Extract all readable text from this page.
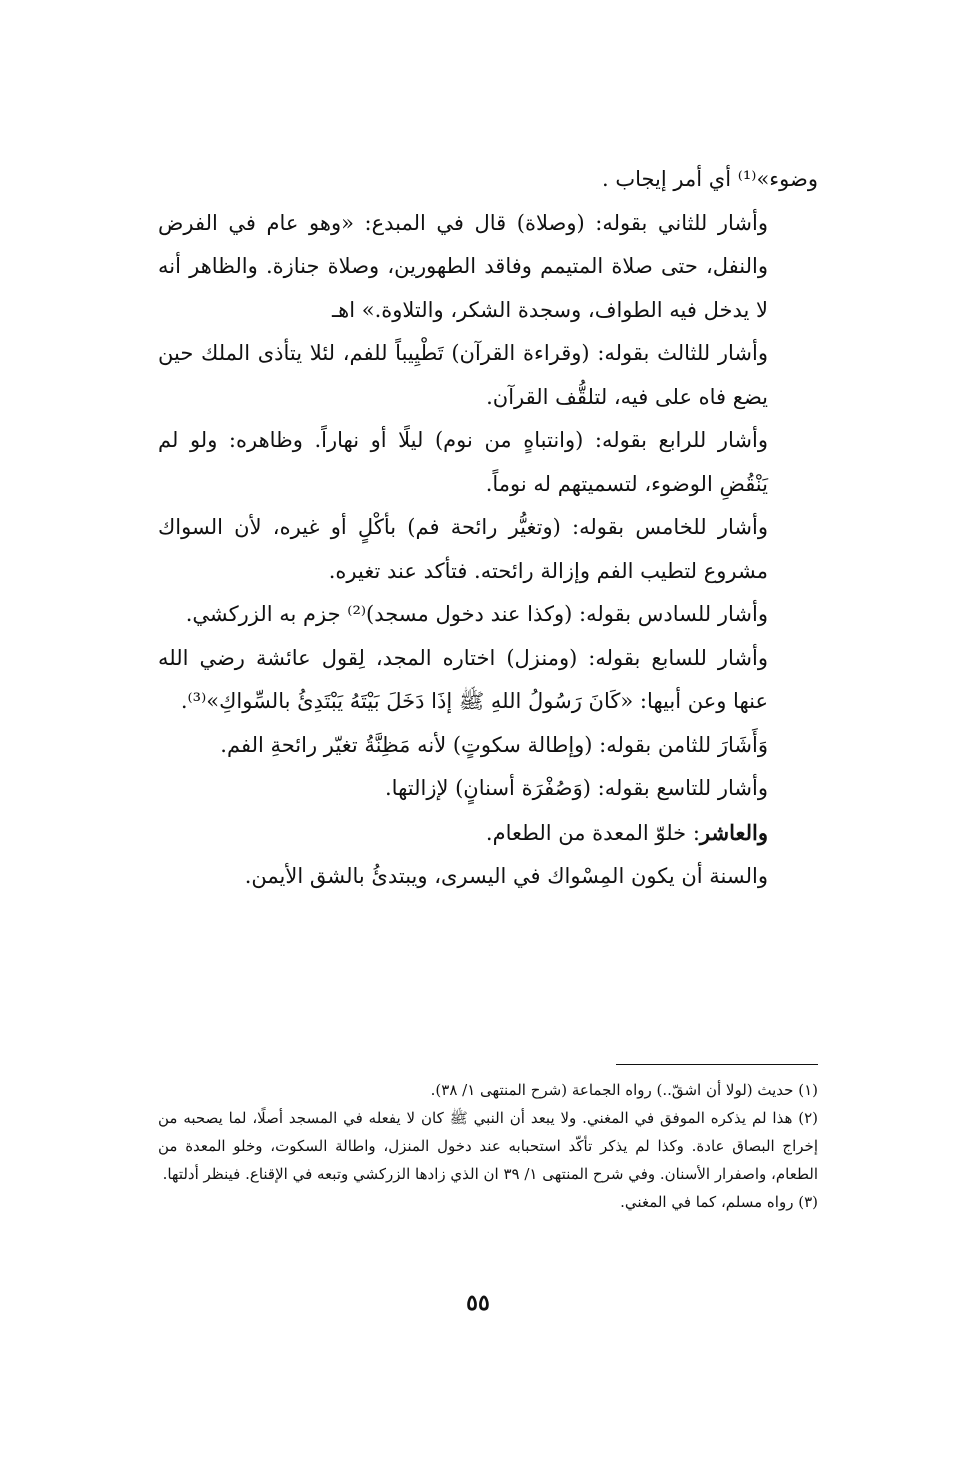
وضوء»⁽¹⁾ أي أمر إيجاب .

وأشار للثاني بقوله: (وصلاة) قال في المبدع: «وهو عام في الفرض والنفل، حتى صلاة المتيمم وفاقد الطهورين، وصلاة جنازة. والظاهر أنه لا يدخل فيه الطواف، وسجدة الشكر، والتلاوة.» اهـ

وأشار للثالث بقوله: (وقراءة القرآن) تَطْيِيباً للفم، لئلا يتأذى الملك حين يضع فاه على فيه، لتلقُّف القرآن.

وأشار للرابع بقوله: (وانتباهٍ من نوم) ليلًا أو نهاراً. وظاهره: ولو لم يَنْقُضِ الوضوء، لتسميتهم له نوماً.

وأشار للخامس بقوله: (وتغيُّر رائحة فم) بأكْلٍ أو غيره، لأن السواك مشروع لتطيب الفم وإزالة رائحته. فتأكد عند تغيره.

وأشار للسادس بقوله: (وكذا عند دخول مسجد)⁽²⁾ جزم به الزركشي.

وأشار للسابع بقوله: (ومنزل) اختاره المجد، لِقول عائشة رضي الله عنها وعن أبيها: «كَانَ رَسُولُ اللهِ ﷺ إذَا دَخَلَ بَيْتَهُ يَبْتَدِئُ بالسِّواكِ»⁽³⁾.

وَأَشَارَ للثامن بقوله: (وإطالة سكوتٍ) لأنه مَظِنَّةُ تغيّر رائحةِ الفم.

وأشار للتاسع بقوله: (وَصُفْرَة أسنانٍ) لإزالتها.

والعاشر: خلوّ المعدة من الطعام.

والسنة أن يكون المِسْواك في اليسرى، ويبتدئُ بالشق الأيمن.

(١) حديث (لولا أن اشقّ..) رواه الجماعة (شرح المنتهى ١/ ٣٨).

(٢) هذا لم يذكره الموفق في المغني. ولا يبعد أن النبي ﷺ كان لا يفعله في المسجد أصلًا، لما يصحبه من إخراج البصاق عادة. وكذا لم يذكر تأكّد استحبابه عند دخول المنزل، واطالة السكوت، وخلو المعدة من الطعام، واصفرار الأسنان. وفي شرح المنتهى ١/ ٣٩ ان الذي زادها الزركشي وتبعه في الإقناع. فينظر أدلتها.

(٣) رواه مسلم، كما في المغني.

٥٥
